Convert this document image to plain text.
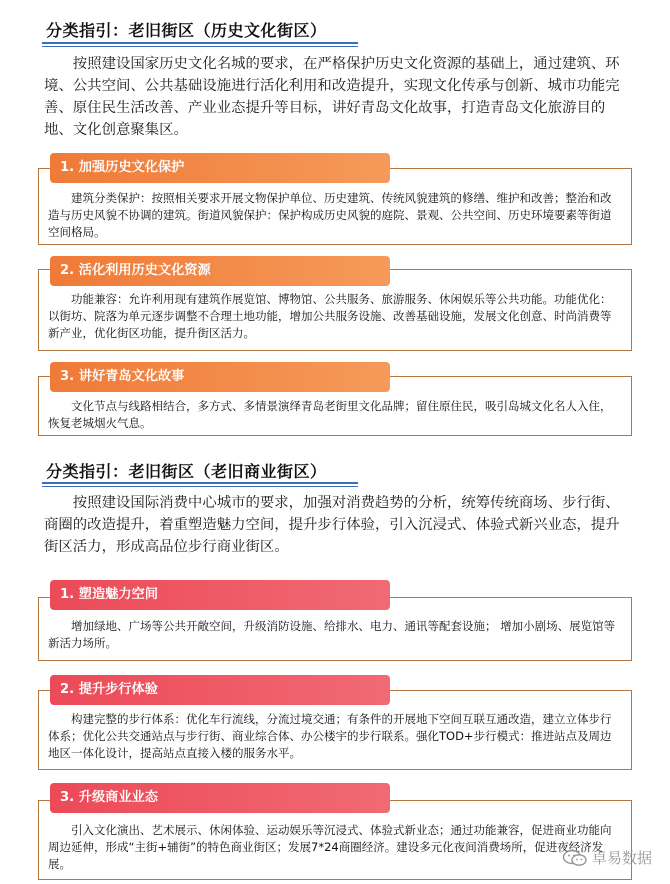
分类指引：老旧街区（历史文化街区）

按照建设国家历史文化名城的要求，在严格保护历史文化资源的基础上，通过建筑、环境、公共空间、公共基础设施进行活化利用和改造提升，实现文化传承与创新、城市功能完善、原住民生活改善、产业业态提升等目标，讲好青岛文化故事，打造青岛文化旅游目的地、文化创意聚集区。

建筑分类保护：按照相关要求开展文物保护单位、历史建筑、传统风貌建筑的修缮、维护和改善；整治和改造与历史风貌不协调的建筑。街道风貌保护：保护构成历史风貌的庭院、景观、公共空间、历史环境要素等街道空间格局。

1. 加强历史文化保护

功能兼容：允许利用现有建筑作展览馆、博物馆、公共服务、旅游服务、休闲娱乐等公共功能。功能优化：以街坊、院落为单元逐步调整不合理土地功能，增加公共服务设施、改善基础设施，发展文化创意、时尚消费等新产业，优化街区功能，提升街区活力。

2. 活化利用历史文化资源

文化节点与线路相结合，多方式、多情景演绎青岛老街里文化品牌；留住原住民，吸引岛城文化名人入住，恢复老城烟火气息。

3. 讲好青岛文化故事
分类指引：老旧街区（老旧商业街区）

按照建设国际消费中心城市的要求，加强对消费趋势的分析，统筹传统商场、步行街、商圈的改造提升，着重塑造魅力空间，提升步行体验，引入沉浸式、体验式新兴业态，提升街区活力，形成高品位步行商业街区。

增加绿地、广场等公共开敞空间，升级消防设施、给排水、电力、通讯等配套设施； 增加小剧场、展览馆等新活力场所。

1. 塑造魅力空间

构建完整的步行体系：优化车行流线，分流过境交通；有条件的开展地下空间互联互通改造，建立立体步行体系；优化公共交通站点与步行街、商业综合体、办公楼宇的步行联系。强化TOD+步行模式：推进站点及周边地区一体化设计，提高站点直接入楼的服务水平。

2. 提升步行体验

引入文化演出、艺术展示、休闲体验、运动娱乐等沉浸式、体验式新业态；通过功能兼容，促进商业功能向周边延伸，形成“主街+辅街”的特色商业街区；发展7*24商圈经济。建设多元化夜间消费场所，促进夜经济发展。

3. 升级商业业态
卓易数据
